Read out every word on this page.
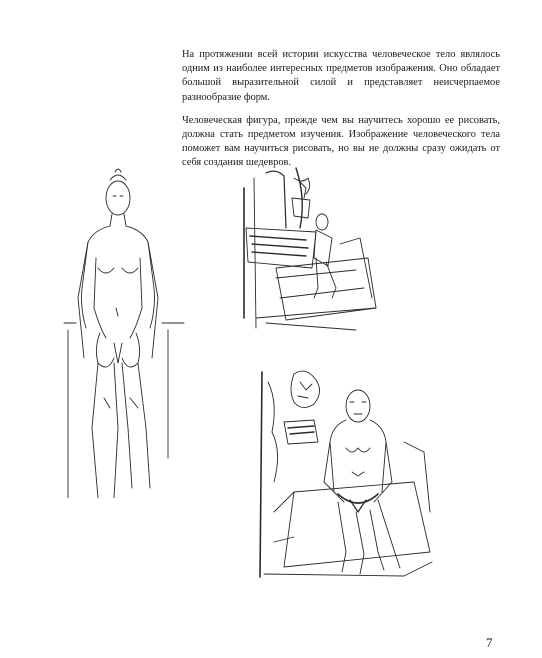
На протяжении всей истории искусства человеческое тело являлось одним из наиболее интересных предметов изображения. Оно обладает большой выразительной силой и представляет неисчерпаемое разнообразие форм.

Человеческая фигура, прежде чем вы научитесь хорошо ее рисовать, должна стать предметом изучения. Изображение человеческого тела поможет вам научиться рисовать, но вы не должны сразу ожидать от себя создания шедевров.

7
